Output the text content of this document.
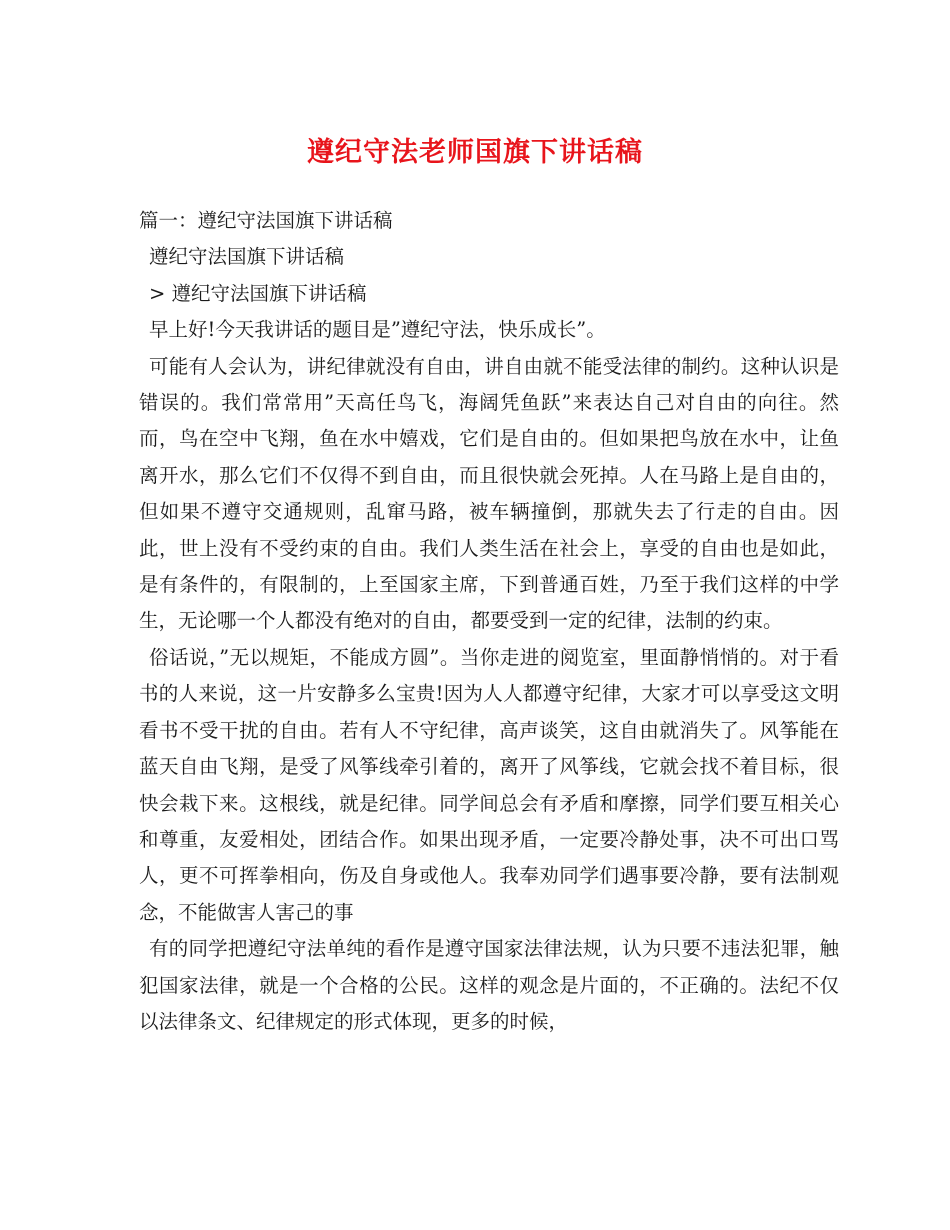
遵纪守法老师国旗下讲话稿

篇一：遵纪守法国旗下讲话稿

遵纪守法国旗下讲话稿

> 遵纪守法国旗下讲话稿

早上好!今天我讲话的题目是”遵纪守法，快乐成长”。

可能有人会认为，讲纪律就没有自由，讲自由就不能受法律的制约。这种认识是错误的。我们常常用”天高任鸟飞，海阔凭鱼跃”来表达自己对自由的向往。然而，鸟在空中飞翔，鱼在水中嬉戏，它们是自由的。但如果把鸟放在水中，让鱼离开水，那么它们不仅得不到自由，而且很快就会死掉。人在马路上是自由的，但如果不遵守交通规则，乱窜马路，被车辆撞倒，那就失去了行走的自由。因此，世上没有不受约束的自由。我们人类生活在社会上，享受的自由也是如此，是有条件的，有限制的，上至国家主席，下到普通百姓，乃至于我们这样的中学生，无论哪一个人都没有绝对的自由，都要受到一定的纪律，法制的约束。

俗话说，”无以规矩，不能成方圆”。当你走进的阅览室，里面静悄悄的。对于看书的人来说，这一片安静多么宝贵!因为人人都遵守纪律，大家才可以享受这文明看书不受干扰的自由。若有人不守纪律，高声谈笑，这自由就消失了。风筝能在蓝天自由飞翔，是受了风筝线牵引着的，离开了风筝线，它就会找不着目标，很快会栽下来。这根线，就是纪律。同学间总会有矛盾和摩擦，同学们要互相关心和尊重，友爱相处，团结合作。如果出现矛盾，一定要冷静处事，决不可出口骂人，更不可挥拳相向，伤及自身或他人。我奉劝同学们遇事要冷静，要有法制观念，不能做害人害己的事

有的同学把遵纪守法单纯的看作是遵守国家法律法规，认为只要不违法犯罪，触犯国家法律，就是一个合格的公民。这样的观念是片面的，不正确的。法纪不仅以法律条文、纪律规定的形式体现，更多的时候，
